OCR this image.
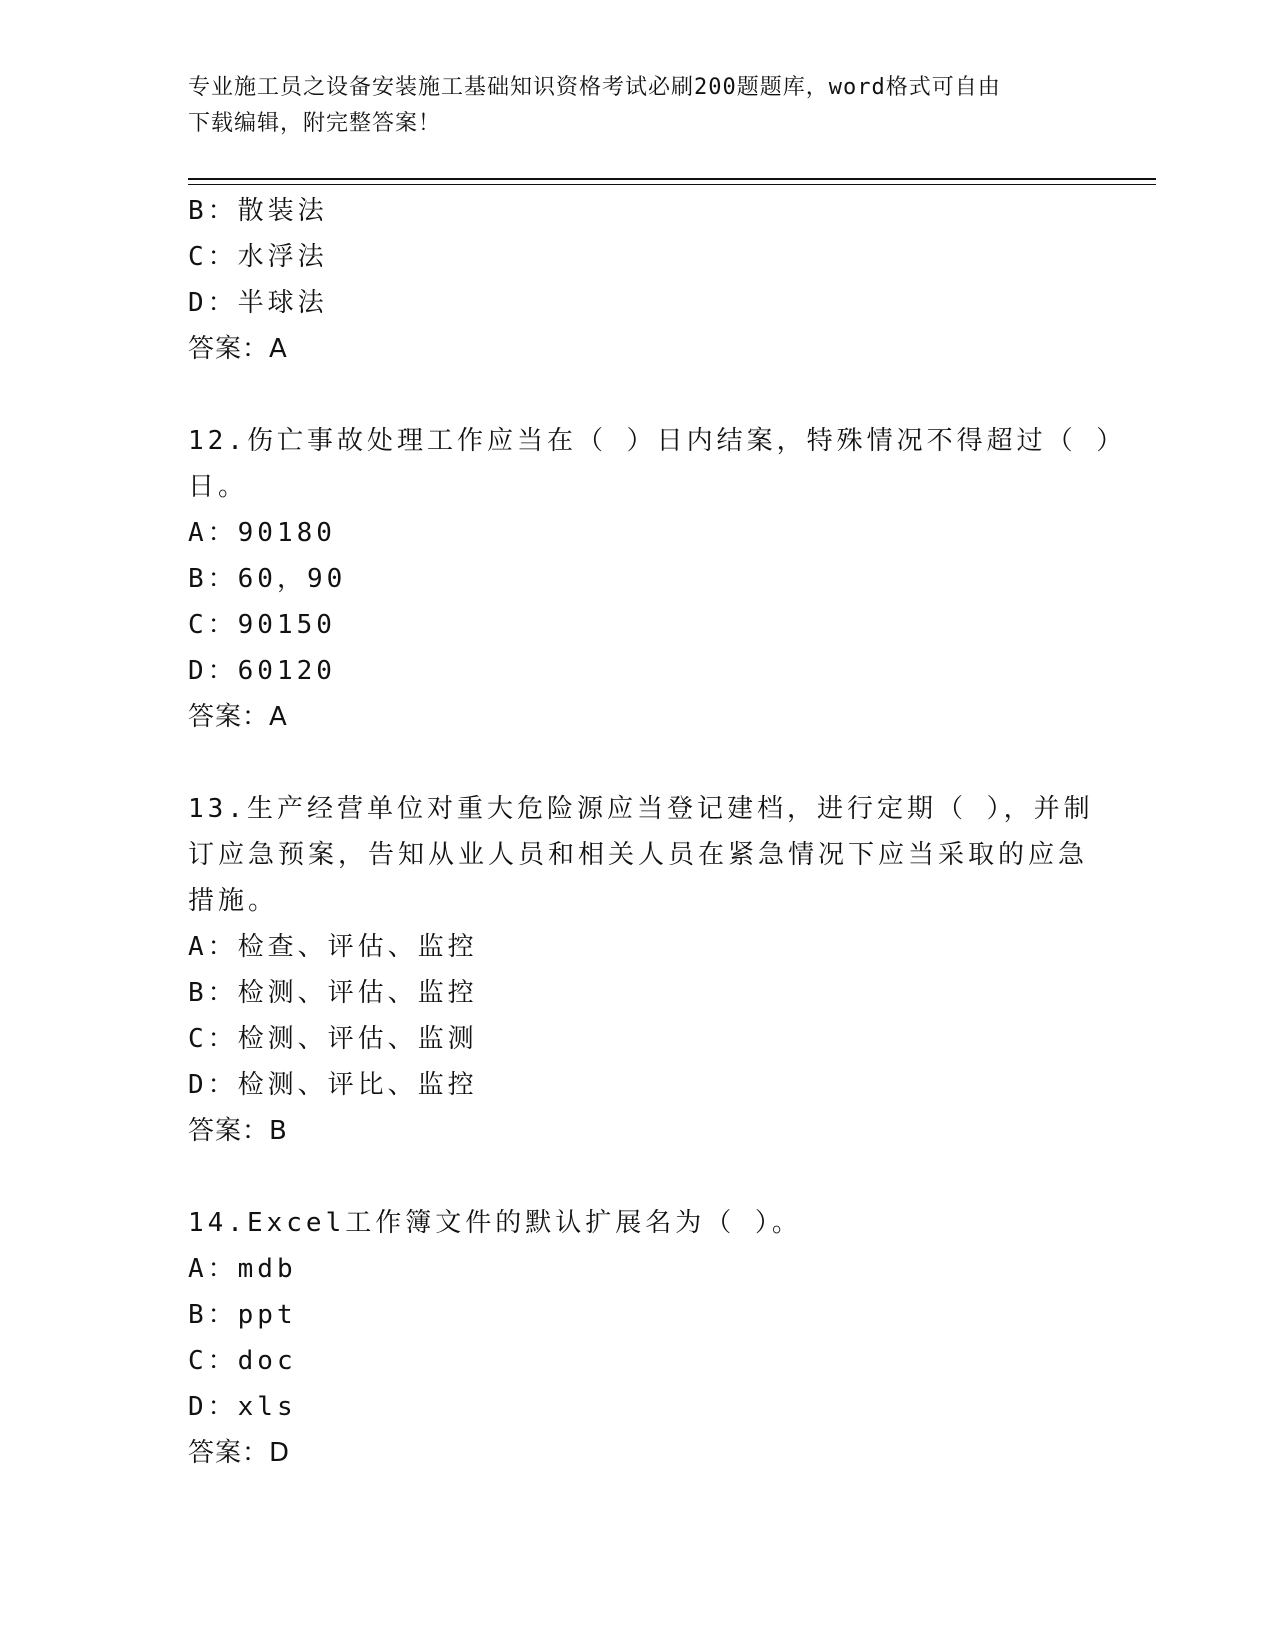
专业施工员之设备安装施工基础知识资格考试必刷200题题库，word格式可自由
下载编辑，附完整答案！
B：散装法
C：水浮法
D：半球法
答案：A
12.伤亡事故处理工作应当在（ ）日内结案，特殊情况不得超过（ ）
日。
A：90180
B：60，90
C：90150
D：60120
答案：A
13.生产经营单位对重大危险源应当登记建档，进行定期（ ），并制
订应急预案，告知从业人员和相关人员在紧急情况下应当采取的应急
措施。
A：检查、评估、监控
B：检测、评估、监控
C：检测、评估、监测
D：检测、评比、监控
答案：B
14.Excel工作簿文件的默认扩展名为（ ）。
A：mdb
B：ppt
C：doc
D：xls
答案：D
